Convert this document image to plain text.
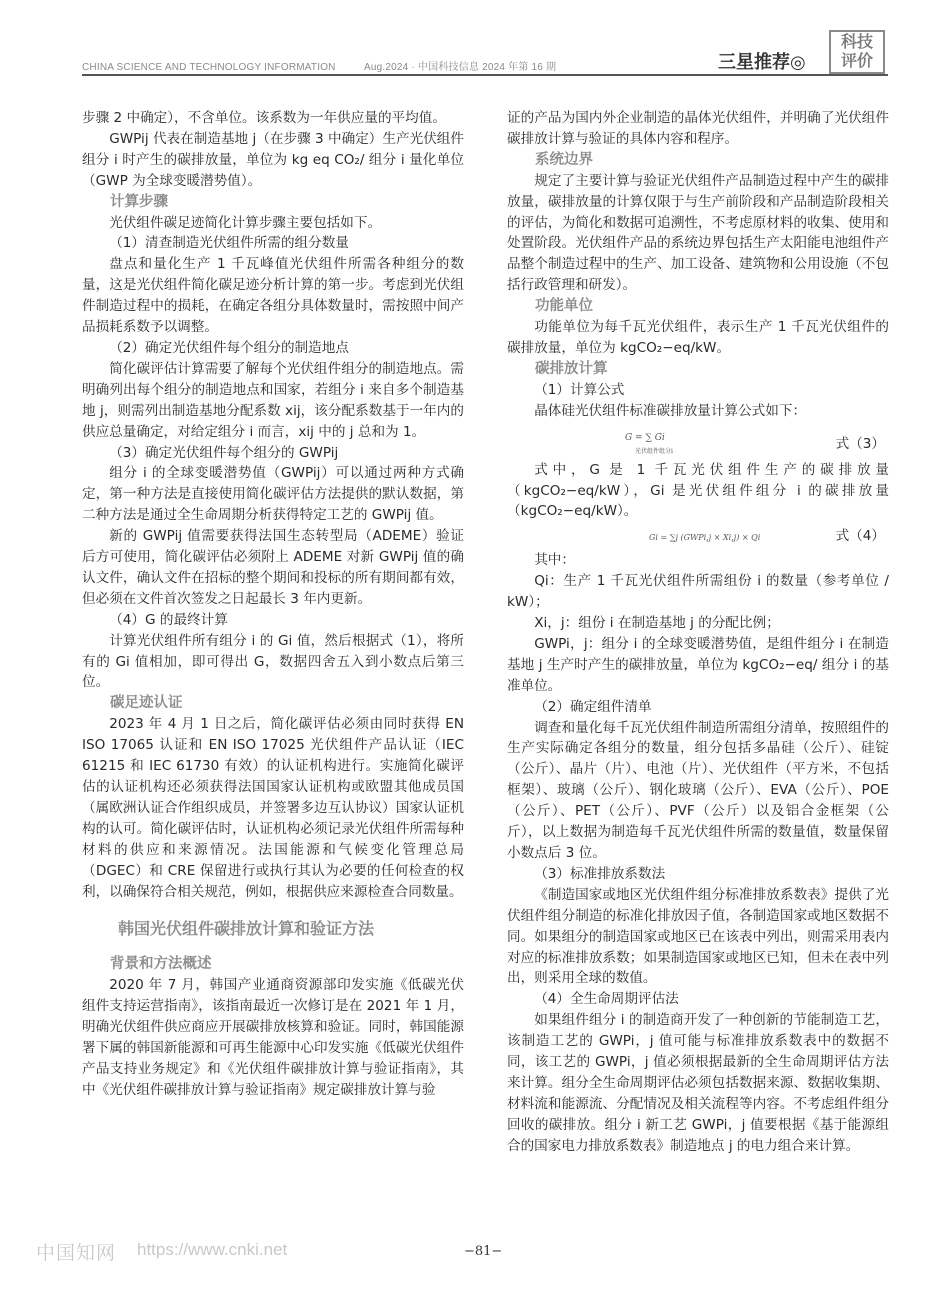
CHINA SCIENCE AND TECHNOLOGY INFORMATION	Aug.2024 · 中国科技信息 2024 年第 16 期	三星推荐◎
科技
评价

步骤 2 中确定），不含单位。该系数为一年供应量的平均值。

GWPij 代表在制造基地 j（在步骤 3 中确定）生产光伏组件组分 i 时产生的碳排放量，单位为 kg eq CO₂/ 组分 i 量化单位（GWP 为全球变暖潜势值）。

计算步骤

光伏组件碳足迹简化计算步骤主要包括如下。

（1）清查制造光伏组件所需的组分数量

盘点和量化生产 1 千瓦峰值光伏组件所需各种组分的数量，这是光伏组件简化碳足迹分析计算的第一步。考虑到光伏组件制造过程中的损耗，在确定各组分具体数量时，需按照中间产品损耗系数予以调整。

（2）确定光伏组件每个组分的制造地点

简化碳评估计算需要了解每个光伏组件组分的制造地点。需明确列出每个组分的制造地点和国家，若组分 i 来自多个制造基地 j，则需列出制造基地分配系数 xij，该分配系数基于一年内的供应总量确定，对给定组分 i 而言，xij 中的 j 总和为 1。

（3）确定光伏组件每个组分的 GWPij

组分 i 的全球变暖潜势值（GWPij）可以通过两种方式确定，第一种方法是直接使用简化碳评估方法提供的默认数据，第二种方法是通过全生命周期分析获得特定工艺的 GWPij 值。

新的 GWPij 值需要获得法国生态转型局（ADEME）验证后方可使用，简化碳评估必须附上 ADEME 对新 GWPij 值的确认文件，确认文件在招标的整个期间和投标的所有期间都有效，但必须在文件首次签发之日起最长 3 年内更新。

（4）G 的最终计算

计算光伏组件所有组分 i 的 Gi 值，然后根据式（1），将所有的 Gi 值相加，即可得出 G，数据四舍五入到小数点后第三位。

碳足迹认证

2023 年 4 月 1 日之后，简化碳评估必须由同时获得 EN ISO 17065 认证和 EN ISO 17025 光伏组件产品认证（IEC 61215 和 IEC 61730 有效）的认证机构进行。实施简化碳评估的认证机构还必须获得法国国家认证机构或欧盟其他成员国（属欧洲认证合作组织成员，并签署多边互认协议）国家认证机构的认可。简化碳评估时，认证机构必须记录光伏组件所需每种材料的供应和来源情况。法国能源和气候变化管理总局（DGEC）和 CRE 保留进行或执行其认为必要的任何检查的权利，以确保符合相关规范，例如，根据供应来源检查合同数量。

韩国光伏组件碳排放计算和验证方法

背景和方法概述

2020 年 7 月，韩国产业通商资源部印发实施《低碳光伏组件支持运营指南》，该指南最近一次修订是在 2021 年 1 月，明确光伏组件供应商应开展碳排放核算和验证。同时，韩国能源署下属的韩国新能源和可再生能源中心印发实施《低碳光伏组件产品支持业务规定》和《光伏组件碳排放计算与验证指南》，其中《光伏组件碳排放计算与验证指南》规定碳排放计算与验

证的产品为国内外企业制造的晶体光伏组件，并明确了光伏组件碳排放计算与验证的具体内容和程序。

系统边界

规定了主要计算与验证光伏组件产品制造过程中产生的碳排放量，碳排放量的计算仅限于与生产前阶段和产品制造阶段相关的评估，为简化和数据可追溯性，不考虑原材料的收集、使用和处置阶段。光伏组件产品的系统边界包括生产太阳能电池组件产品整个制造过程中的生产、加工设备、建筑物和公用设施（不包括行政管理和研发）。

功能单位

功能单位为每千瓦光伏组件，表示生产 1 千瓦光伏组件的碳排放量，单位为 kgCO₂−eq/kW。

碳排放计算

（1）计算公式

晶体硅光伏组件标准碳排放量计算公式如下：

G = ∑ Gi
光伏组件组分i	式（3）

式中，G 是 1 千瓦光伏组件生产的碳排放量（kgCO₂−eq/kW），Gi 是光伏组件组分 i 的碳排放量（kgCO₂−eq/kW）。

Gi = ∑j (GWPi,j × Xi,j) × Qi	式（4）

其中：

Qi：生产 1 千瓦光伏组件所需组份 i 的数量（参考单位 / kW）；

Xi，j：组份 i 在制造基地 j 的分配比例；

GWPi，j：组分 i 的全球变暖潜势值，是组件组分 i 在制造基地 j 生产时产生的碳排放量，单位为 kgCO₂−eq/ 组分 i 的基准单位。

（2）确定组件清单

调查和量化每千瓦光伏组件制造所需组分清单，按照组件的生产实际确定各组分的数量，组分包括多晶硅（公斤）、硅锭（公斤）、晶片（片）、电池（片）、光伏组件（平方米，不包括框架）、玻璃（公斤）、钢化玻璃（公斤）、EVA（公斤）、POE（公斤）、PET（公斤）、PVF（公斤）以及铝合金框架（公斤），以上数据为制造每千瓦光伏组件所需的数量值，数量保留小数点后 3 位。

（3）标准排放系数法

《制造国家或地区光伏组件组分标准排放系数表》提供了光伏组件组分制造的标准化排放因子值，各制造国家或地区数据不同。如果组分的制造国家或地区已在该表中列出，则需采用表内对应的标准排放系数；如果制造国家或地区已知，但未在表中列出，则采用全球的数值。

（4）全生命周期评估法

如果组件组分 i 的制造商开发了一种创新的节能制造工艺，该制造工艺的 GWPi，j 值可能与标准排放系数表中的数据不同，该工艺的 GWPi，j 值必须根据最新的全生命周期评估方法来计算。组分全生命周期评估必须包括数据来源、数据收集期、材料流和能源流、分配情况及相关流程等内容。不考虑组件组分回收的碳排放。组分 i 新工艺 GWPi，j 值要根据《基于能源组合的国家电力排放系数表》制造地点 j 的电力组合来计算。

中国知网 https://www.cnki.net	−81−
